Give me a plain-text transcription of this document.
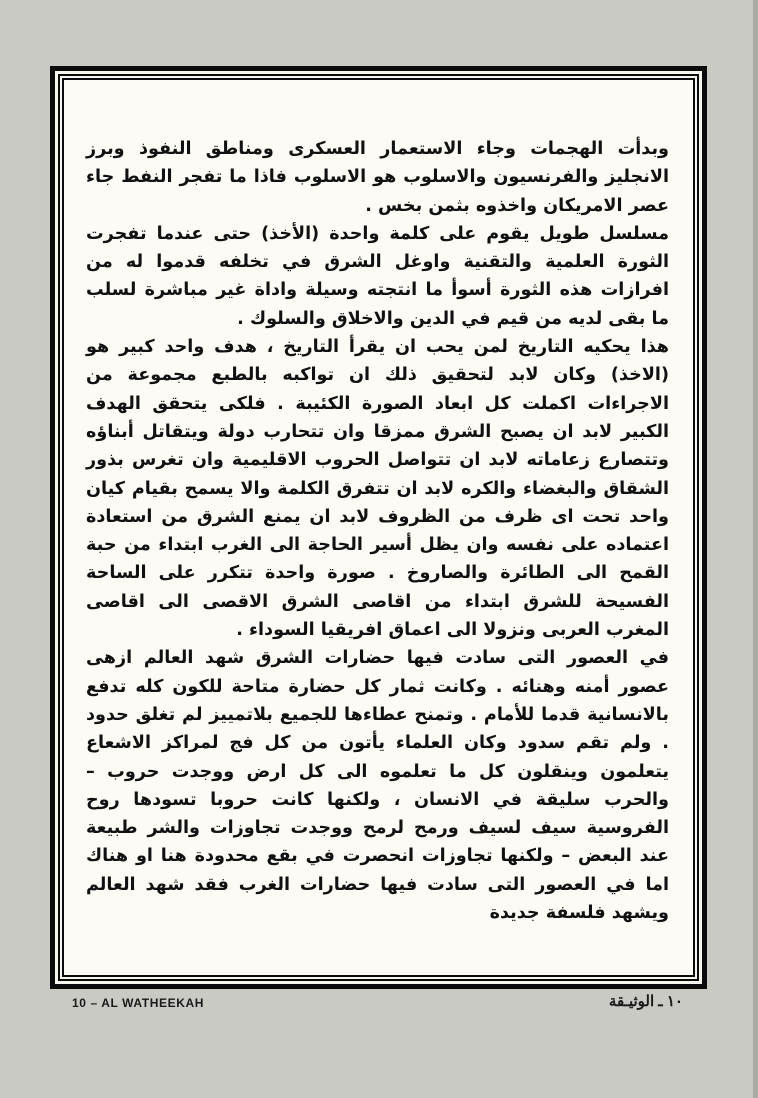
وبدأت الهجمات وجاء الاستعمار العسكرى ومناطق النفوذ وبرز الانجليز والفرنسيون والاسلوب هو الاسلوب فاذا ما تفجر النفط جاء عصر الامريكان واخذوه بثمن بخس .

مسلسل طويل يقوم على كلمة واحدة (الأخذ) حتى عندما تفجرت الثورة العلمية والتقنية واوغل الشرق في تخلفه قدموا له من افرازات هذه الثورة أسوأ ما انتجته وسيلة واداة غير مباشرة لسلب ما بقى لديه من قيم في الدين والاخلاق والسلوك .

هذا يحكيه التاريخ لمن يحب ان يقرأ التاريخ ، هدف واحد كبير هو (الاخذ) وكان لابد لتحقيق ذلك ان تواكبه بالطبع مجموعة من الاجراءات اكملت كل ابعاد الصورة الكئيبة . فلكى يتحقق الهدف الكبير لابد ان يصبح الشرق ممزقا وان تتحارب دولة ويتقاتل أبناؤه وتتصارع زعاماته لابد ان تتواصل الحروب الاقليمية وان تغرس بذور الشقاق والبغضاء والكره لابد ان تتفرق الكلمة والا يسمح بقيام كيان واحد تحت اى ظرف من الظروف لابد ان يمنع الشرق من استعادة اعتماده على نفسه وان يظل أسير الحاجة الى الغرب ابتداء من حبة القمح الى الطائرة والصاروخ . صورة واحدة تتكرر على الساحة الفسيحة للشرق ابتداء من اقاصى الشرق الاقصى الى اقاصى المغرب العربى ونزولا الى اعماق افريقيا السوداء .

في العصور التى سادت فيها حضارات الشرق شهد العالم ازهى عصور أمنه وهنائه . وكانت ثمار كل حضارة متاحة للكون كله تدفع بالانسانية قدما للأمام . وتمنح عطاءها للجميع بلاتمييز لم تغلق حدود . ولم تقم سدود وكان العلماء يأتون من كل فج لمراكز الاشعاع يتعلمون وينقلون كل ما تعلموه الى كل ارض ووجدت حروب – والحرب سليقة في الانسان ، ولكنها كانت حروبا تسودها روح الفروسية سيف لسيف ورمح لرمح ووجدت تجاوزات والشر طبيعة عند البعض – ولكنها تجاوزات انحصرت في بقع محدودة هنا او هناك اما في العصور التى سادت فيها حضارات الغرب فقد شهد العالم ويشهد فلسفة جديدة

10 – AL WATHEEKAH	١٠ ـ الوثيـقة
